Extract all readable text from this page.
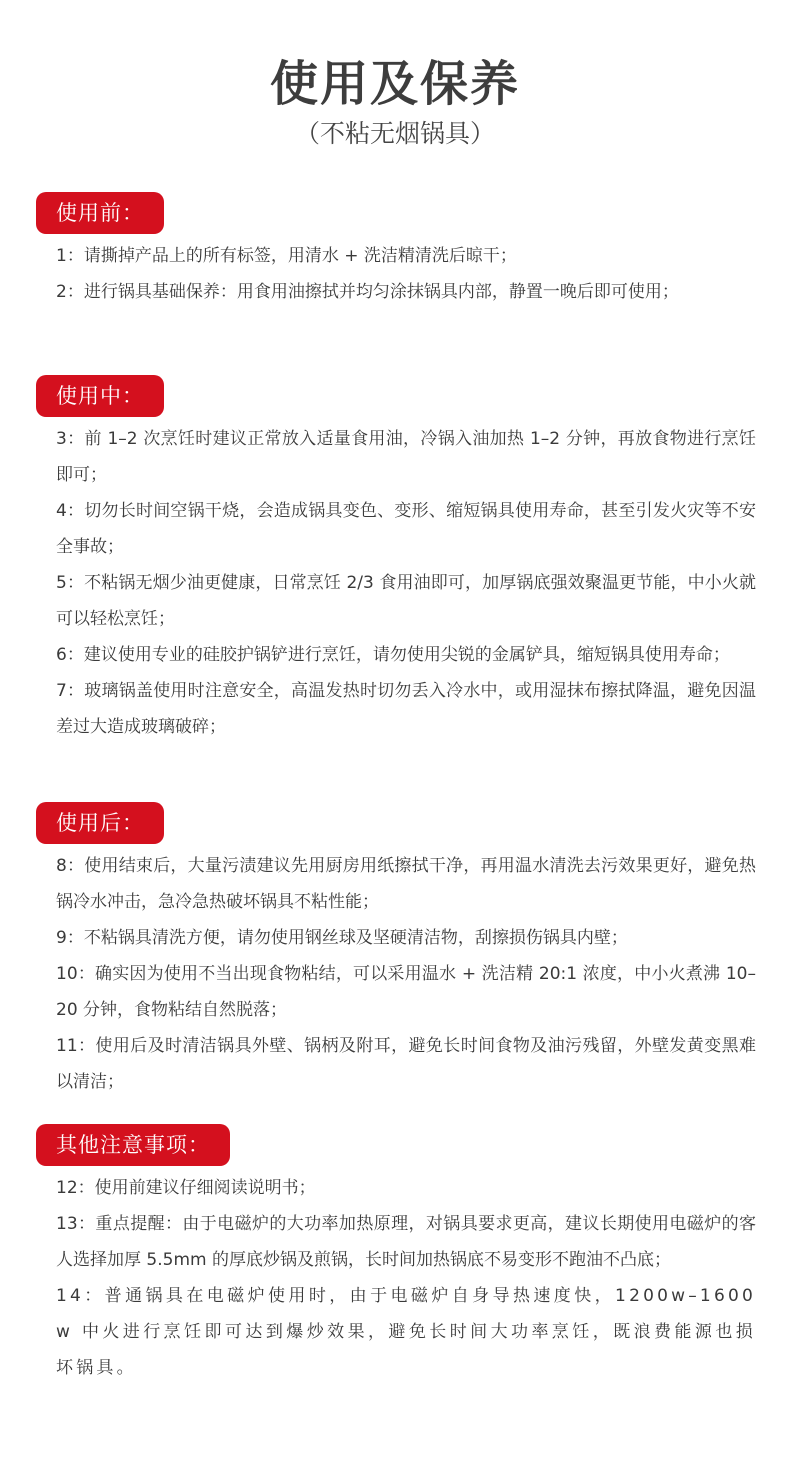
使用及保养
（不粘无烟锅具）
使用前：
1：请撕掉产品上的所有标签，用清水 + 洗洁精清洗后晾干；
2：进行锅具基础保养：用食用油擦拭并均匀涂抹锅具内部，静置一晚后即可使用；
使用中：
3：前 1–2 次烹饪时建议正常放入适量食用油，冷锅入油加热 1–2 分钟，再放食物进行烹饪即可；
4：切勿长时间空锅干烧，会造成锅具变色、变形、缩短锅具使用寿命，甚至引发火灾等不安全事故；
5：不粘锅无烟少油更健康，日常烹饪 2/3 食用油即可，加厚锅底强效聚温更节能，中小火就可以轻松烹饪；
6：建议使用专业的硅胶护锅铲进行烹饪，请勿使用尖锐的金属铲具，缩短锅具使用寿命；
7：玻璃锅盖使用时注意安全，高温发热时切勿丢入冷水中，或用湿抹布擦拭降温，避免因温差过大造成玻璃破碎；
使用后：
8：使用结束后，大量污渍建议先用厨房用纸擦拭干净，再用温水清洗去污效果更好，避免热锅冷水冲击，急冷急热破坏锅具不粘性能；
9：不粘锅具清洗方便，请勿使用钢丝球及坚硬清洁物，刮擦损伤锅具内壁；
10：确实因为使用不当出现食物粘结，可以采用温水 + 洗洁精 20:1 浓度，中小火煮沸 10–20 分钟，食物粘结自然脱落；
11：使用后及时清洁锅具外壁、锅柄及附耳，避免长时间食物及油污残留，外壁发黄变黑难以清洁；
其他注意事项：
12：使用前建议仔细阅读说明书；
13：重点提醒：由于电磁炉的大功率加热原理，对锅具要求更高，建议长期使用电磁炉的客人选择加厚 5.5mm 的厚底炒锅及煎锅，长时间加热锅底不易变形不跑油不凸底；
14：普通锅具在电磁炉使用时，由于电磁炉自身导热速度快，1200w–1600w 中火进行烹饪即可达到爆炒效果，避免长时间大功率烹饪，既浪费能源也损坏锅具。
